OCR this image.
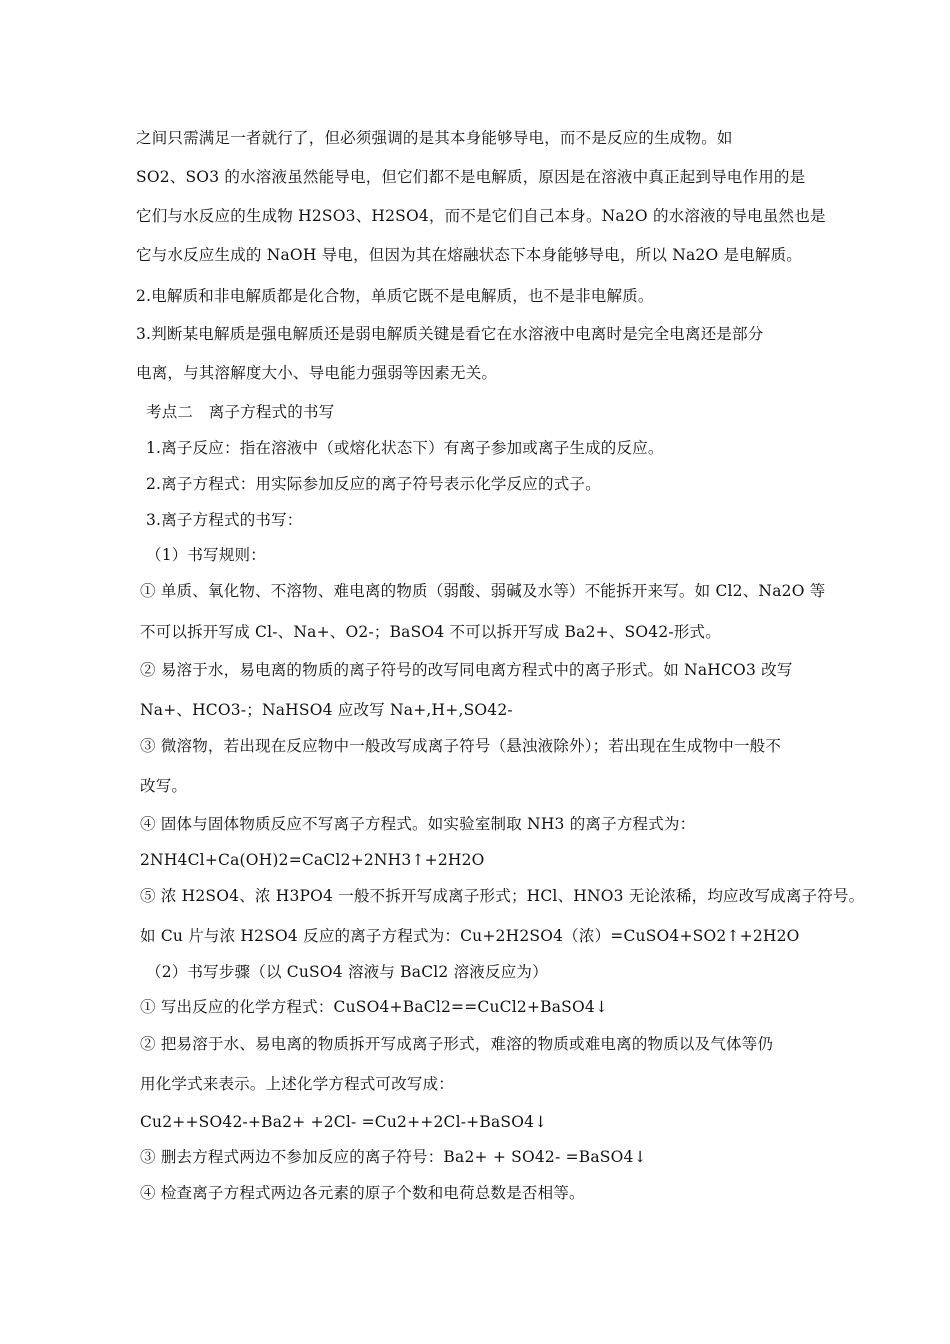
之间只需满足一者就行了，但必须强调的是其本身能够导电，而不是反应的生成物。如
SO2、SO3 的水溶液虽然能导电，但它们都不是电解质，原因是在溶液中真正起到导电作用的是
它们与水反应的生成物 H2SO3、H2SO4，而不是它们自己本身。Na2O 的水溶液的导电虽然也是
它与水反应生成的 NaOH 导电，但因为其在熔融状态下本身能够导电，所以 Na2O 是电解质。
2.电解质和非电解质都是化合物，单质它既不是电解质，也不是非电解质。
3.判断某电解质是强电解质还是弱电解质关键是看它在水溶液中电离时是完全电离还是部分
电离，与其溶解度大小、导电能力强弱等因素无关。
考点二　离子方程式的书写
1.离子反应：指在溶液中（或熔化状态下）有离子参加或离子生成的反应。
2.离子方程式：用实际参加反应的离子符号表示化学反应的式子。
3.离子方程式的书写：
（1）书写规则：
① 单质、氧化物、不溶物、难电离的物质（弱酸、弱碱及水等）不能拆开来写。如 Cl2、Na2O 等
不可以拆开写成 Cl-、Na+、O2-；BaSO4 不可以拆开写成 Ba2+、SO42-形式。
② 易溶于水，易电离的物质的离子符号的改写同电离方程式中的离子形式。如 NaHCO3 改写
Na+、HCO3-；NaHSO4 应改写 Na+,H+,SO42-
③ 微溶物，若出现在反应物中一般改写成离子符号（悬浊液除外）；若出现在生成物中一般不
改写。
④ 固体与固体物质反应不写离子方程式。如实验室制取 NH3 的离子方程式为：
2NH4Cl+Ca(OH)2=CaCl2+2NH3↑+2H2O
⑤ 浓 H2SO4、浓 H3PO4 一般不拆开写成离子形式；HCl、HNO3 无论浓稀，均应改写成离子符号。
如 Cu 片与浓 H2SO4 反应的离子方程式为：Cu+2H2SO4（浓）=CuSO4+SO2↑+2H2O
（2）书写步骤（以 CuSO4 溶液与 BaCl2 溶液反应为）
① 写出反应的化学方程式：CuSO4+BaCl2==CuCl2+BaSO4↓
② 把易溶于水、易电离的物质拆开写成离子形式，难溶的物质或难电离的物质以及气体等仍
用化学式来表示。上述化学方程式可改写成：
Cu2++SO42-+Ba2+ +2Cl- =Cu2++2Cl-+BaSO4↓
③ 删去方程式两边不参加反应的离子符号：Ba2+ + SO42- =BaSO4↓
④ 检查离子方程式两边各元素的原子个数和电荷总数是否相等。
